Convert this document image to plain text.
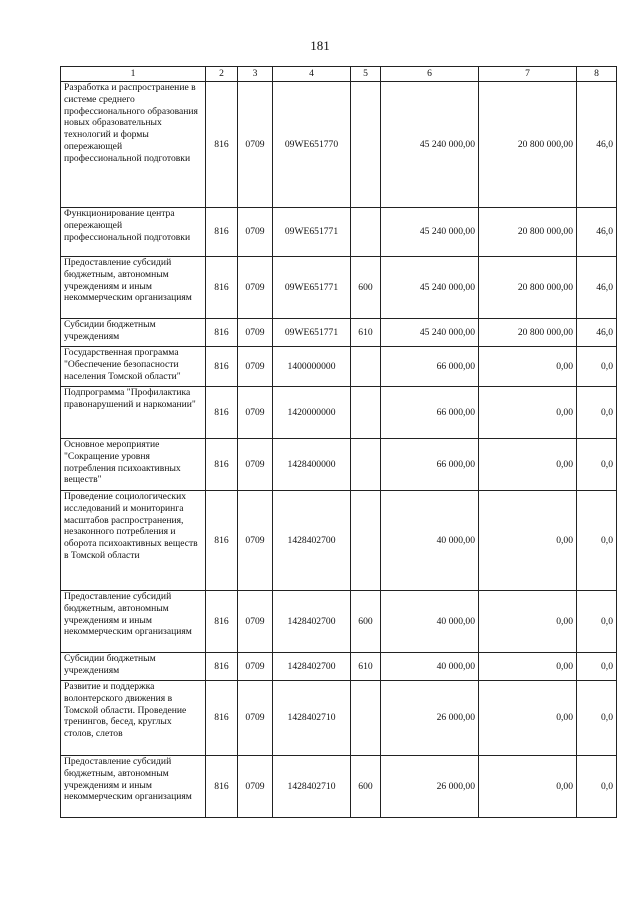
181
1	2	3	4	5	6	7	8
Разработка и распространение в системе среднего профессионального образования новых образовательных технологий и формы опережающей профессиональной подготовки	816	0709	09WE651770		45 240 000,00	20 800 000,00	46,0
Функционирование центра опережающей профессиональной подготовки	816	0709	09WE651771		45 240 000,00	20 800 000,00	46,0
Предоставление субсидий бюджетным, автономным учреждениям и иным некоммерческим организациям	816	0709	09WE651771	600	45 240 000,00	20 800 000,00	46,0
Субсидии бюджетным учреждениям	816	0709	09WE651771	610	45 240 000,00	20 800 000,00	46,0
Государственная программа "Обеспечение безопасности населения Томской области"	816	0709	1400000000		66 000,00	0,00	0,0
Подпрограмма "Профилактика правонарушений и наркомании"	816	0709	1420000000		66 000,00	0,00	0,0
Основное мероприятие "Сокращение уровня потребления психоактивных веществ"	816	0709	1428400000		66 000,00	0,00	0,0
Проведение социологических исследований и мониторинга масштабов распространения, незаконного потребления и оборота психоактивных веществ в Томской области	816	0709	1428402700		40 000,00	0,00	0,0
Предоставление субсидий бюджетным, автономным учреждениям и иным некоммерческим организациям	816	0709	1428402700	600	40 000,00	0,00	0,0
Субсидии бюджетным учреждениям	816	0709	1428402700	610	40 000,00	0,00	0,0
Развитие и поддержка волонтерского движения в Томской области. Проведение тренингов, бесед, круглых столов, слетов	816	0709	1428402710		26 000,00	0,00	0,0
Предоставление субсидий бюджетным, автономным учреждениям и иным некоммерческим организациям	816	0709	1428402710	600	26 000,00	0,00	0,0
